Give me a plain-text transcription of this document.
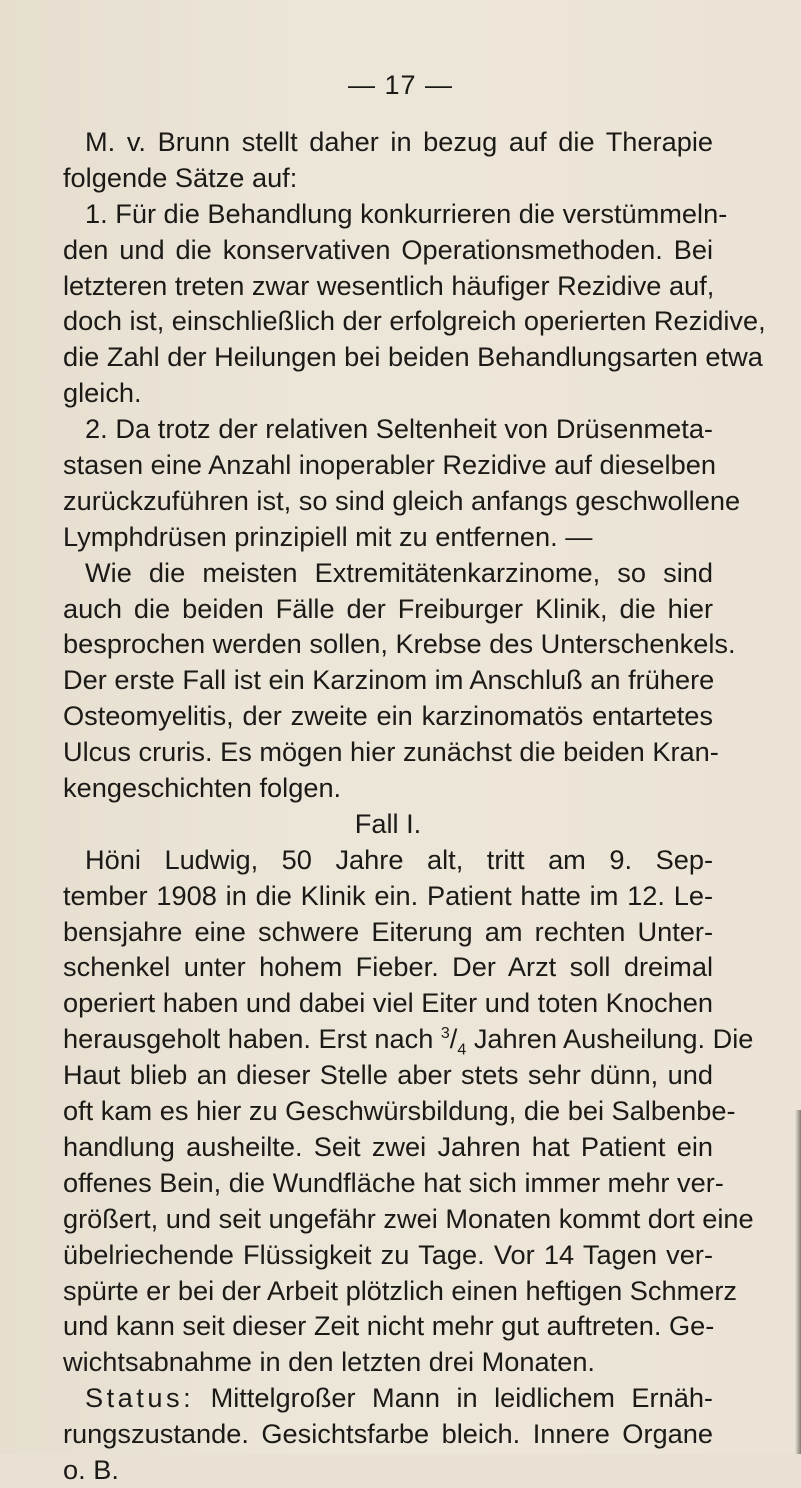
— 17 —
M. v. Brunn stellt daher in bezug auf die Therapie
folgende Sätze auf:
1. Für die Behandlung konkurrieren die verstümmeln-
den und die konservativen Operationsmethoden. Bei
letzteren treten zwar wesentlich häufiger Rezidive auf,
doch ist, einschließlich der erfolgreich operierten Rezidive,
die Zahl der Heilungen bei beiden Behandlungsarten etwa
gleich.
2. Da trotz der relativen Seltenheit von Drüsenmeta-
stasen eine Anzahl inoperabler Rezidive auf dieselben
zurückzuführen ist, so sind gleich anfangs geschwollene
Lymphdrüsen prinzipiell mit zu entfernen. —
Wie die meisten Extremitätenkarzinome, so sind
auch die beiden Fälle der Freiburger Klinik, die hier
besprochen werden sollen, Krebse des Unterschenkels.
Der erste Fall ist ein Karzinom im Anschluß an frühere
Osteomyelitis, der zweite ein karzinomatös entartetes
Ulcus cruris. Es mögen hier zunächst die beiden Kran-
kengeschichten folgen.
Fall I.
Höni Ludwig, 50 Jahre alt, tritt am 9. Sep-
tember 1908 in die Klinik ein. Patient hatte im 12. Le-
bensjahre eine schwere Eiterung am rechten Unter-
schenkel unter hohem Fieber. Der Arzt soll dreimal
operiert haben und dabei viel Eiter und toten Knochen
herausgeholt haben. Erst nach $^3/_4$ Jahren Ausheilung. Die
Haut blieb an dieser Stelle aber stets sehr dünn, und
oft kam es hier zu Geschwürsbildung, die bei Salbenbe-
handlung ausheilte. Seit zwei Jahren hat Patient ein
offenes Bein, die Wundfläche hat sich immer mehr ver-
größert, und seit ungefähr zwei Monaten kommt dort eine
übelriechende Flüssigkeit zu Tage. Vor 14 Tagen ver-
spürte er bei der Arbeit plötzlich einen heftigen Schmerz
und kann seit dieser Zeit nicht mehr gut auftreten. Ge-
wichtsabnahme in den letzten drei Monaten.
Status: Mittelgroßer Mann in leidlichem Ernäh-
rungszustande. Gesichtsfarbe bleich. Innere Organe
o. B.
